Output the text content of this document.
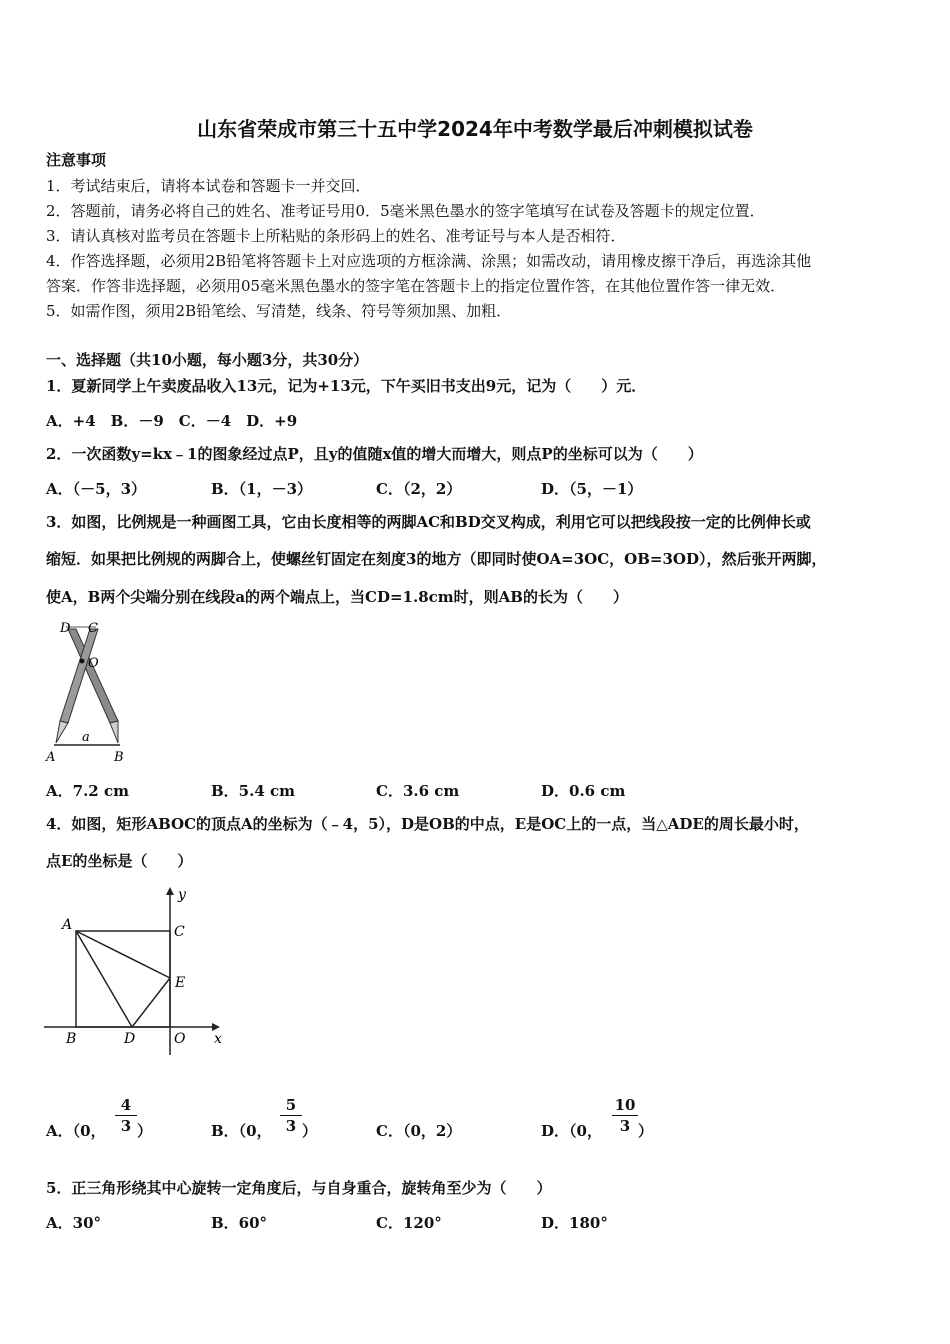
山东省荣成市第三十五中学2024年中考数学最后冲刺模拟试卷
注意事项
1．考试结束后，请将本试卷和答题卡一并交回．
2．答题前，请务必将自己的姓名、准考证号用0．5毫米黑色墨水的签字笔填写在试卷及答题卡的规定位置．
3．请认真核对监考员在答题卡上所粘贴的条形码上的姓名、准考证号与本人是否相符．
4．作答选择题，必须用2B铅笔将答题卡上对应选项的方框涂满、涂黑；如需改动，请用橡皮擦干净后，再选涂其他
答案．作答非选择题，必须用05毫米黑色墨水的签字笔在答题卡上的指定位置作答，在其他位置作答一律无效．
5．如需作图，须用2B铅笔绘、写清楚，线条、符号等须加黑、加粗．
一、选择题（共10小题，每小题3分，共30分）
1．夏新同学上午卖废品收入13元，记为+13元，下午买旧书支出9元，记为（　　）元．
A．+4　B．－9　C．－4　D．+9
2．一次函数y=kx﹣1的图象经过点P，且y的值随x值的增大而增大，则点P的坐标可以为（　　）
A．（－5，3）	B．（1，－3）	C．（2，2）	D．（5，－1）
3．如图，比例规是一种画图工具，它由长度相等的两脚AC和BD交叉构成，利用它可以把线段按一定的比例伸长或
缩短．如果把比例规的两脚合上，使螺丝钉固定在刻度3的地方（即同时使OA=3OC，OB=3OD），然后张开两脚，
使A，B两个尖端分别在线段a的两个端点上，当CD=1.8cm时，则AB的长为（　　）
D C
O
A	B
a
A．7.2 cm	B．5.4 cm	C．3.6 cm	D．0.6 cm
4．如图，矩形ABOC的顶点A的坐标为（﹣4，5），D是OB的中点，E是OC上的一点，当△ADE的周长最小时，
点E的坐标是（　　）
A
B
C
D
E
O x
y
A．（0，
4
3 ）	B．（0，
5
3 ）	C．（0，2）	D．（0，
10
3 ）
5．正三角形绕其中心旋转一定角度后，与自身重合，旋转角至少为（　　）
A．30°	B．60°	C．120°	D．180°
